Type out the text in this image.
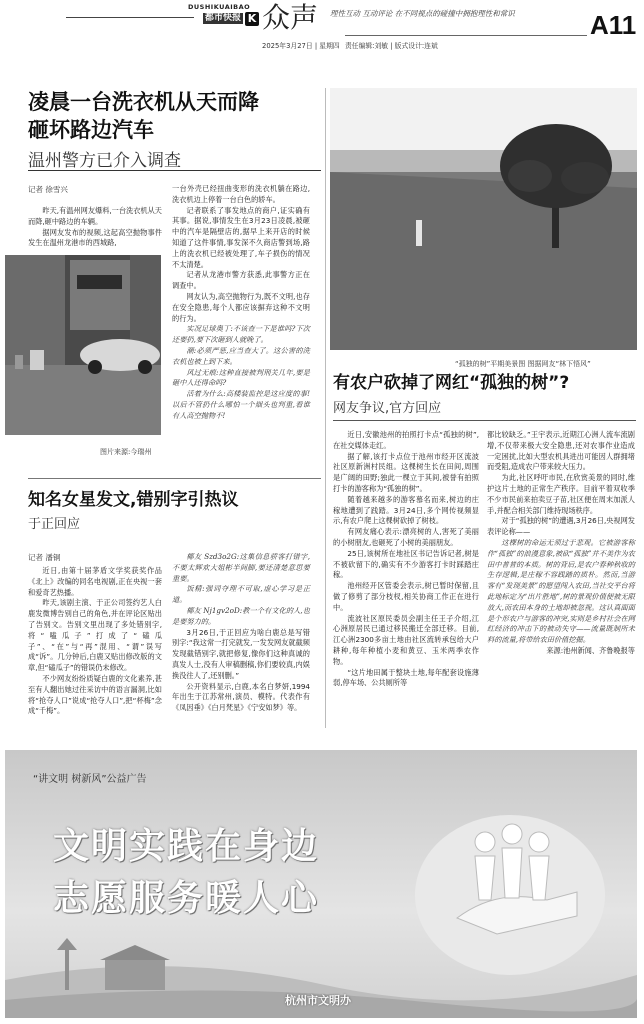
DUSHIKUAIBAO
K
都市快报 众声 理性互动 互动评论 在不同视点的碰撞中拥抱理性和常识
2025年3月27日 | 星期四 责任编辑:刘敏 | 版式设计:连斌
A11
凌晨一台洗衣机从天而降
砸坏路边汽车
温州警方已介入调查
记者 徐雪兴

昨天,有温州网友爆料,一台洗衣机从天而降,砸中路边的车辆。

据网友发布的视频,这起高空抛物事件发生在温州龙港市的西城路,

图片来源:今瑞州

一台外壳已经扭曲变形的洗衣机躺在路边,洗衣机边上停着一台白色的轿车。

记者联系了事发地点的商户,证实确有其事。据说,事情发生在3月23日凌晨,被砸中的汽车是隔壁店的,据早上来开店的时候知道了这件事情,事发深不久商店警到场,路上的洗衣机已经被处理了,车子损伤的情况不太清楚。

记者从龙港市警方获悉,此事警方正在调查中。

网友认为,高空抛物行为,既不文明,也存在安全隐患,每个人都应该摒弃这种不文明的行为。

实况足球奥丁:不该查一下是谁吗?下次还要扔,要下次砸到人就晚了。

潮:必须严惩,应当查大了。这公害的洗衣机也被上到下来。

风过无痕:这种直接被判刑关几年,要是砸中人还得命吗?

活着为什么:高楼装监控是这应度的事!以后不管扔什么哪怕一个烟头也判重,看谁有人高空抛物不!

知名女星发文,错别字引热议
于正回应
记者 潘铜

近日,由第十届茅盾文学奖获奖作品《北上》改编的同名电视剧,正在央视一套和爱奇艺热播。

昨天,该剧主演、于正公司签约艺人白鹿发微博告别自己的角色,并在评论区贴出了告别文。告别文里出现了多处错别字,将“嗑瓜子”打成了“磕瓜子”、“在”与“再”混用、“谓”误写成“诉”。几分钟后,白鹿又贴出修改版的文章,但“磕瓜子”的错误仍未修改。

不少网友纷纷质疑白鹿的文化素养,甚至有人翻出她过往采访中的语言漏洞,比如将“抢夺人口”说成“抢夺人口”,把“杯梅”念成“千梅”。

椰友 Szd3o2G:这集信息骄客打错字,不要太辉欢大姐彬半间脚,要还清楚意思要重要。

饭精:强词夺理不可取,虚心学习是正道。

椰友 Nj1gv2oD:教一个有文化的人,也是要努力的。

3月26日,于正回应为啥白鹿总是写错别字:“我这常一打完就发,一发发网友就截频发现截错别字,就把修复,像你们这种真诚的真发人士,没有人审稿删稿,你们要较真,内娱换没往人了,还别删。”

公开资料显示,白鹿,本名白梦妍,1994年出生于江苏常州,演员、模特。代表作有《凤因垂》《白月梵星》《宁安如梦》等。

“孤独的树”平期美景图 图据网友“林下悟风”
有农户砍掉了网红“孤独的树”?
网友争议,官方回应

近日,安徽池州的拍照打卡点“孤独的树”,在社交媒体走红。

据了解,该打卡点位于池州市经开区流波社区原新洲村民组。这棵树生长在田间,周围是广阔的田野;独此一棵立于其间,被誉有拍照打卡的游客称为“孤独的树”。

随着越来越多的游客慕名而来,树边的庄稼地遭到了践踏。3月24日,多个网传视频显示,有农户爬上这棵树砍掉了树枝。

有网友痛心表示:漂亮树的人,害死了美丽的小树朋友,也砸死了小树的美丽朋友。

25日,该树所在地社区书记告诉记者,树是不被砍留下的,确实有不少游客打卡时踩踏庄稼。

池州经开区管委会表示,树已暂时保留,且做了修剪了部分枝杈,相关协商工作正在进行中。

流波社区原民委员会副主任王子介绍,江心洲原居民已通过移民搬迁全部迁移。目前,江心洲2300多亩土地由社区流转承包给大户耕种,每年种植小麦和黄豆、玉米两季农作物。

“这片地田属于整块土地,每年配套设施薄弱,停车场、公共厕所等

都比较缺乏。”王宇表示,近期江心洲人流车流剧增,不仅带来极大安全隐患,还对农事作业造成一定困扰,比如大型农机具进出可能因人群拥堵而受阻,造成农户带来较大压力。

为此,社区呼吁市民,在欣赏美景的同时,维护这片土地的正常生产秩序。目前平着双收季不少市民前来拍卖豆子苗,社区便在周末加派人手,并配合相关部门维持现场秩序。

对于“孤独的树”的遭遇,3月26日,央视网发表评论称——

这棵树的命运无须过于悲观。它被游客称作“孤独”的浪漫意象,被砍“孤独”并不美作为农田中普普的本质。树的背后,是农户春种秋收的生存逻辑,是庄稼不容践踏的质朴。然而,当游客有“发现美景”的愿望闯入农田,当社交平台将此地标定为“出片胜地”,树的景观价值便被无限放大,而农田本身的土地却被忽视。这认真面面是个形农户与游客的冲突,实则是乡村社会在网红经济的冲击下的被动失守——流量既制所未料的流量,将带给农田价值挖掘。

来源:池州新闻、齐鲁晚报等

“讲文明 树新风”公益广告
文明实践在身边
志愿服务暖人心
杭州市文明办
